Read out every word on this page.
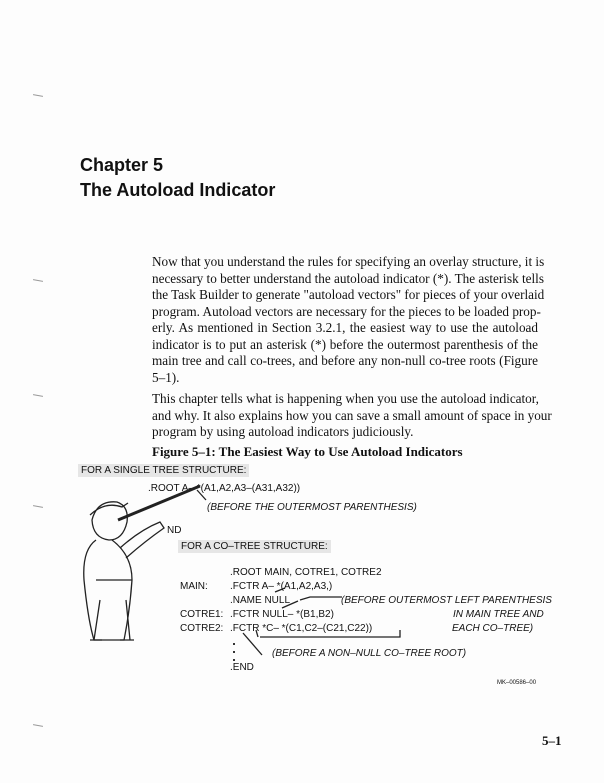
Chapter 5
The Autoload Indicator
Now that you understand the rules for specifying an overlay structure, it is
necessary to better understand the autoload indicator (*). The asterisk tells
the Task Builder to generate "autoload vectors" for pieces of your overlaid
program. Autoload vectors are necessary for the pieces to be loaded prop-
erly. As mentioned in Section 3.2.1, the easiest way to use the autoload
indicator is to put an asterisk (*) before the outermost parenthesis of the
main tree and call co-trees, and before any non-null co-tree roots (Figure
5–1).
This chapter tells what is happening when you use the autoload indicator,
and why. It also explains how you can save a small amount of space in your
program by using autoload indicators judiciously.
Figure 5–1: The Easiest Way to Use Autoload Indicators
FOR A SINGLE TREE STRUCTURE:
.ROOT A– *(A1,A2,A3–(A31,A32))
(BEFORE THE OUTERMOST PARENTHESIS)
ND
FOR A CO–TREE STRUCTURE:
.ROOT MAIN, COTRE1, COTRE2
MAIN: .FCTR A– *(A1,A2,A3,)
.NAME NULL
COTRE1: .FCTR NULL– *(B1,B2)
COTRE2: .FCTR *C– *(C1,C2–(C21,C22))
(BEFORE OUTERMOST LEFT PARENTHESIS
IN MAIN TREE AND
EACH CO–TREE)
(BEFORE A NON–NULL CO–TREE ROOT)
.END
MK–00586–00
5–1
